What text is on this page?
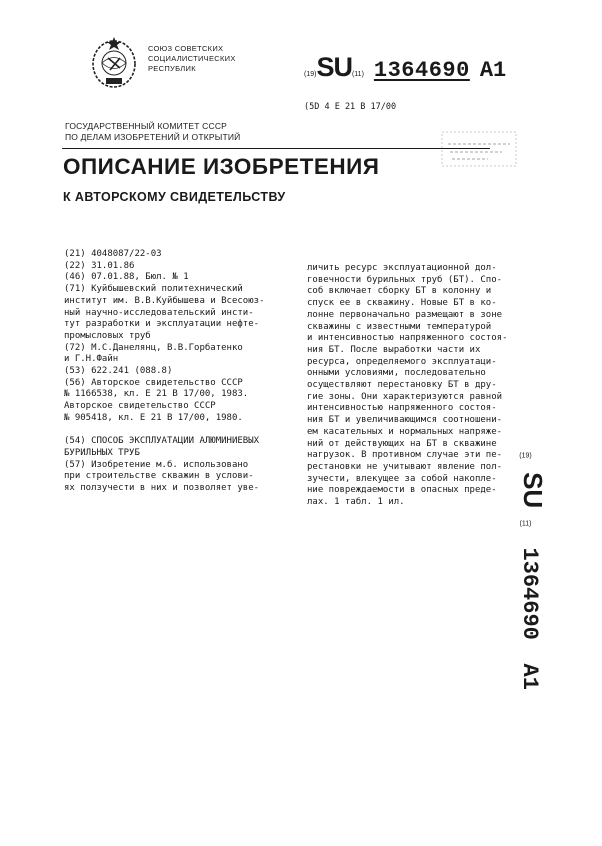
СОЮЗ СОВЕТСКИХ
СОЦИАЛИСТИЧЕСКИХ
РЕСПУБЛИК
(19)SU(11) 1364690 A1
(5D 4 Е 21 В 17/00
ГОСУДАРСТВЕННЫЙ КОМИТЕТ СССР
ПО ДЕЛАМ ИЗОБРЕТЕНИЙ И ОТКРЫТИЙ
ОПИСАНИЕ ИЗОБРЕТЕНИЯ
К АВТОРСКОМУ СВИДЕТЕЛЬСТВУ
(21) 4048087/22-03
(22) 31.01.86
(46) 07.01.88, Бюл. № 1
(71) Куйбышевский политехнический
институт им. В.В.Куйбышева и Всесоюз-
ный научно-исследовательский инсти-
тут разработки и эксплуатации нефте-
промысловых труб
(72) М.С.Данелянц, В.В.Горбатенко
и Г.Н.Файн
(53) 622.241 (088.8)
(56) Авторское свидетельство СССР
№ 1166538, кл. Е 21 В 17/00, 1983.
Авторское свидетельство СССР
№ 905418, кл. Е 21 В 17/00, 1980.

(54) СПОСОБ ЭКСПЛУАТАЦИИ АЛЮМИНИЕВЫХ
БУРИЛЬНЫХ ТРУБ
(57) Изобретение м.б. использовано
при строительстве скважин в услови-
ях ползучести в них и позволяет уве-
личить ресурс эксплуатационной дол-
говечности бурильных труб (БТ). Спо-
соб включает сборку БТ в колонну и
спуск ее в скважину. Новые БТ в ко-
лонне первоначально размещают в зоне
скважины с известными температурой
и интенсивностью напряженного состоя-
ния БТ. После выработки части их
ресурса, определяемого эксплуатаци-
онными условиями, последовательно
осуществляют перестановку БТ в дру-
гие зоны. Они характеризуются равной
интенсивностью напряженного состоя-
ния БТ и увеличивающимся соотношени-
ем касательных и нормальных напряже-
ний от действующих на БТ в скважине
нагрузок. В противном случае эти пе-
рестановки не учитывают явление пол-
зучести, влекущее за собой накопле-
ние повреждаемости в опасных преде-
лах. 1 табл. 1 ил.
(19) SU (11) 1364690 A1
